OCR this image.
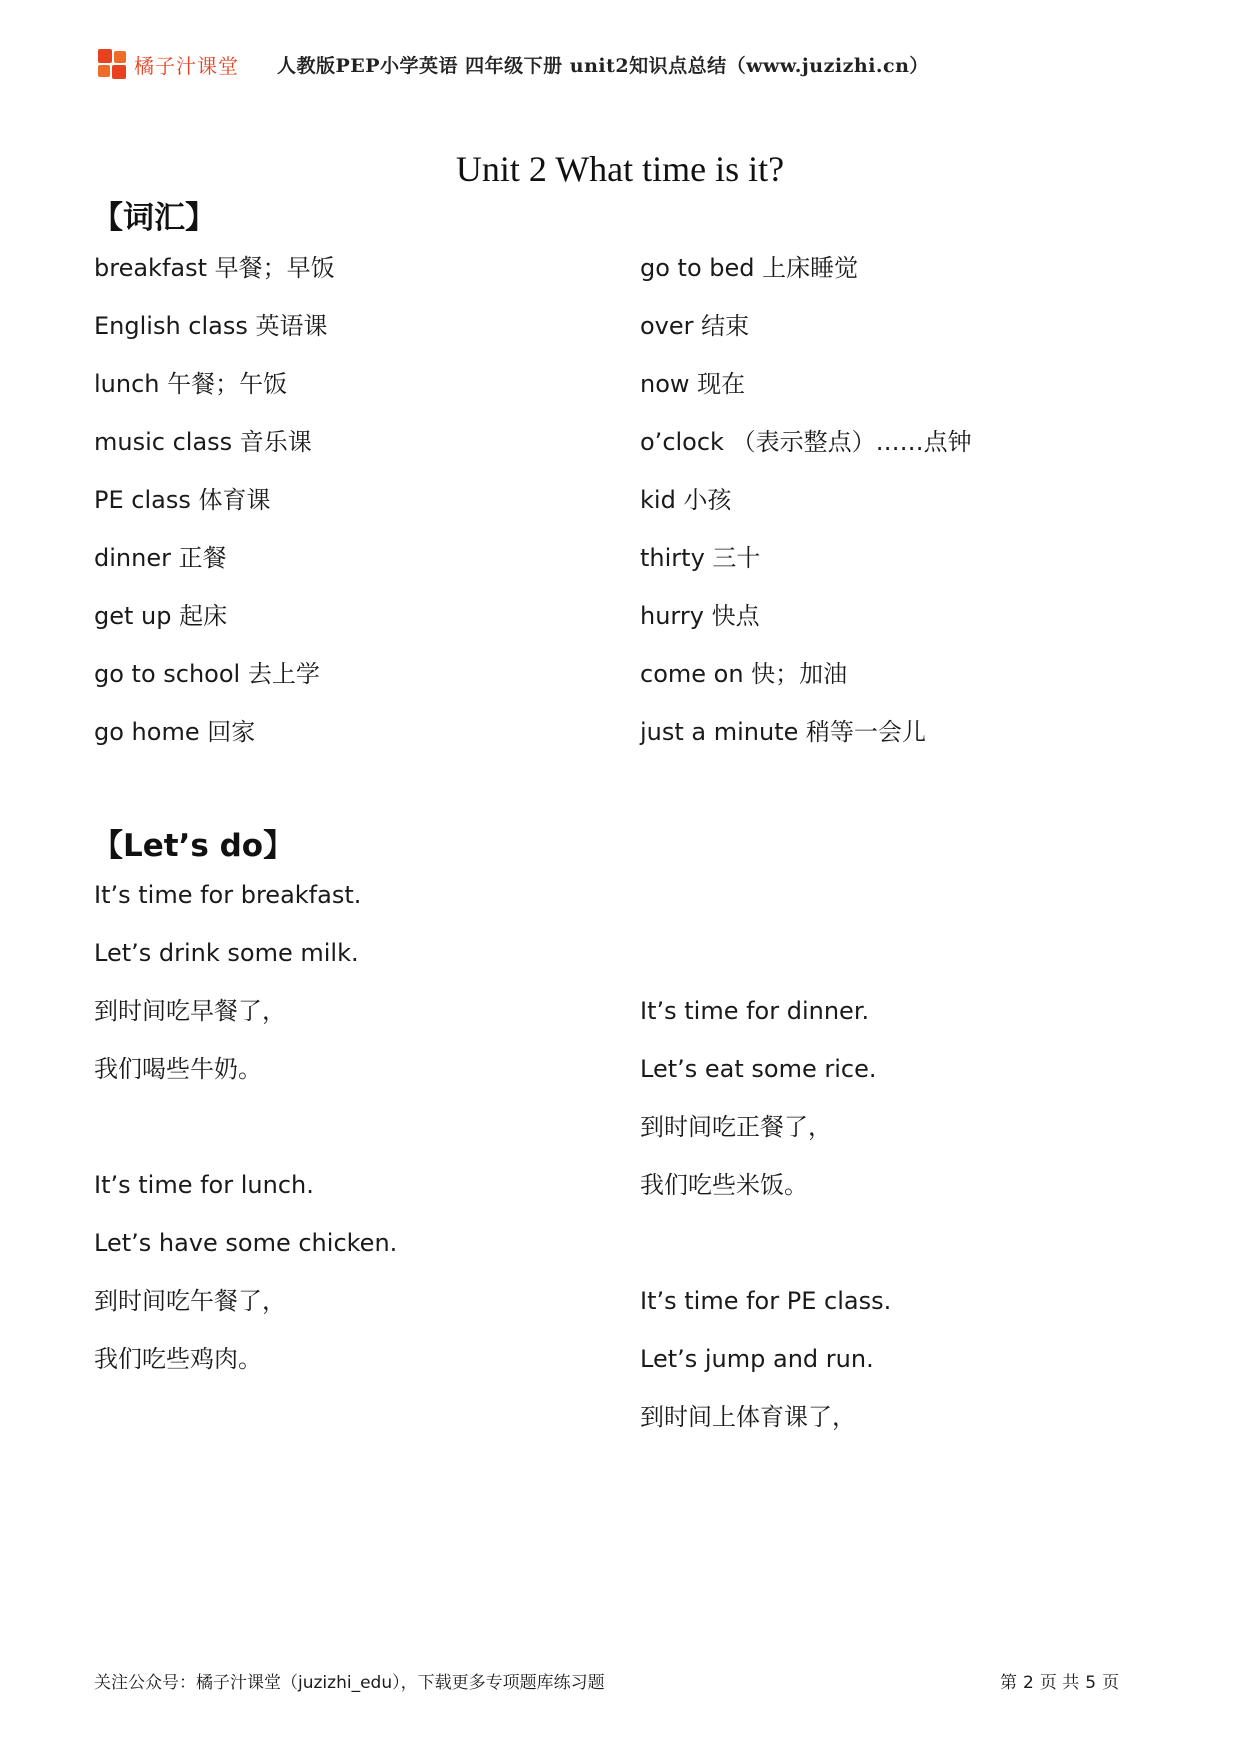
橘子汁课堂 人教版PEP小学英语 四年级下册 unit2知识点总结（www.juzizhi.cn）
Unit 2 What time is it?
【词汇】
breakfast 早餐；早饭
English class 英语课
lunch 午餐；午饭
music class 音乐课
PE class 体育课
dinner 正餐
get up 起床
go to school 去上学
go home 回家
go to bed 上床睡觉
over 结束
now 现在
o’clock （表示整点）……点钟
kid 小孩
thirty 三十
hurry 快点
come on 快；加油
just a minute 稍等一会儿
【Let’s do】
It’s time for breakfast.
Let’s drink some milk.
到时间吃早餐了，
我们喝些牛奶。
It’s time for dinner.
Let’s eat some rice.
到时间吃正餐了，
我们吃些米饭。
It’s time for lunch.
Let’s have some chicken.
到时间吃午餐了，
我们吃些鸡肉。
It’s time for PE class.
Let’s jump and run.
到时间上体育课了，
关注公众号：橘子汁课堂（juzizhi_edu），下载更多专项题库练习题	第 2 页 共 5 页
